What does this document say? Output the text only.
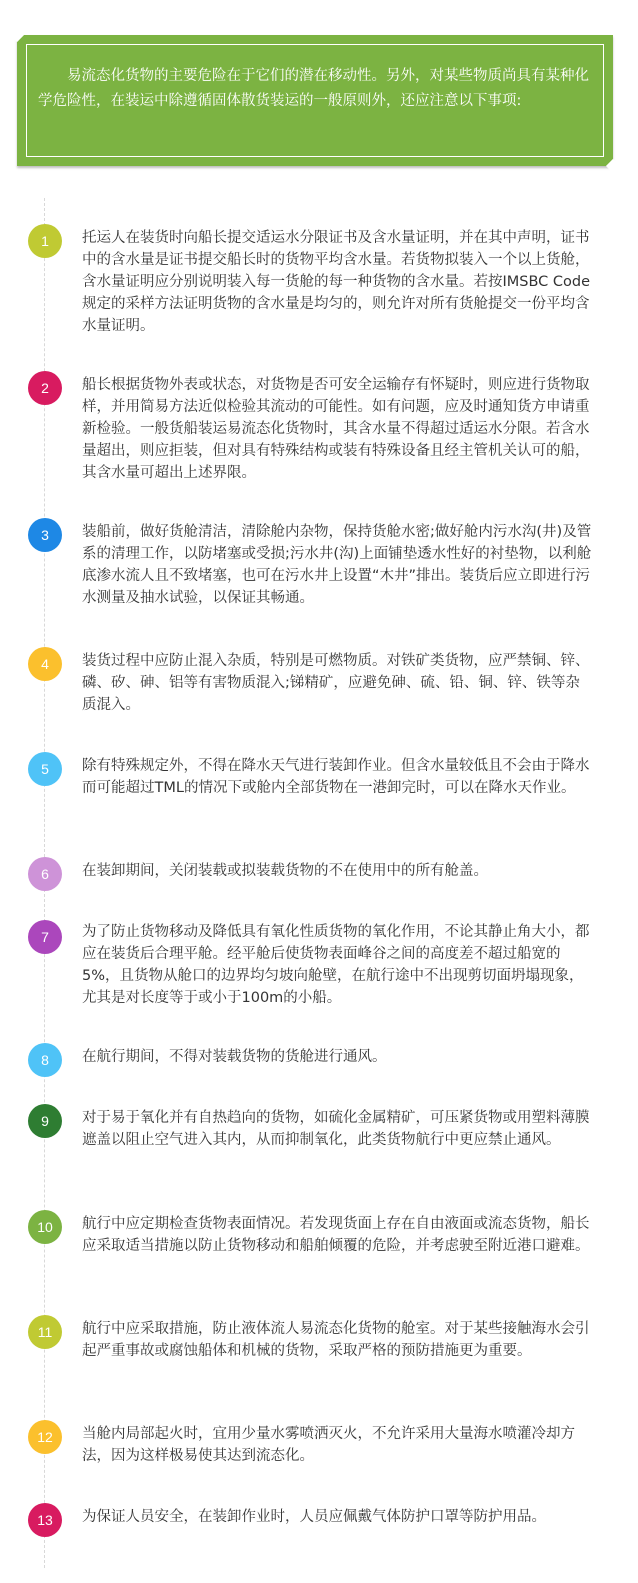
易流态化货物的主要危险在于它们的潜在移动性。另外，对某些物质尚具有某种化学危险性，在装运中除遵循固体散货装运的一般原则外，还应注意以下事项:

1	托运人在装货时向船长提交适运水分限证书及含水量证明，并在其中声明，证书中的含水量是证书提交船长时的货物平均含水量。若货物拟装入一个以上货舱，含水量证明应分别说明装入每一货舱的每一种货物的含水量。若按IMSBC Code规定的采样方法证明货物的含水量是均匀的，则允许对所有货舱提交一份平均含水量证明。

2	船长根据货物外表或状态，对货物是否可安全运输存有怀疑时，则应进行货物取样，并用简易方法近似检验其流动的可能性。如有问题，应及时通知货方申请重新检验。一般货船装运易流态化货物时，其含水量不得超过适运水分限。若含水量超出，则应拒装，但对具有特殊结构或装有特殊设备且经主管机关认可的船，其含水量可超出上述界限。

3	装船前，做好货舱清洁，清除舱内杂物，保持货舱水密;做好舱内污水沟(井)及管系的清理工作，以防堵塞或受损;污水井(沟)上面铺垫透水性好的衬垫物，以利舱底渗水流人且不致堵塞，也可在污水井上设置“木井”排出。装货后应立即进行污水测量及抽水试验，以保证其畅通。

4	装货过程中应防止混入杂质，特别是可燃物质。对铁矿类货物，应严禁铜、锌、磷、矽、砷、铝等有害物质混入;锑精矿，应避免砷、硫、铅、铜、锌、铁等杂质混入。

5	除有特殊规定外，不得在降水天气进行装卸作业。但含水量较低且不会由于降水而可能超过TML的情况下或舱内全部货物在一港卸完时，可以在降水天作业。

6	在装卸期间，关闭装载或拟装载货物的不在使用中的所有舱盖。

7	为了防止货物移动及降低具有氧化性质货物的氧化作用，不论其静止角大小，都应在装货后合理平舱。经平舱后使货物表面峰谷之间的高度差不超过船宽的5%，且货物从舱口的边界均匀坡向舱壁，在航行途中不出现剪切面坍塌现象，尤其是对长度等于或小于100m的小船。

8	在航行期间，不得对装载货物的货舱进行通风。

9	对于易于氧化并有自热趋向的货物，如硫化金属精矿，可压紧货物或用塑料薄膜遮盖以阻止空气进入其内，从而抑制氧化，此类货物航行中更应禁止通风。

10	航行中应定期检查货物表面情况。若发现货面上存在自由液面或流态货物，船长应采取适当措施以防止货物移动和船舶倾覆的危险，并考虑驶至附近港口避难。

11	航行中应采取措施，防止液体流人易流态化货物的舱室。对于某些接触海水会引起严重事故或腐蚀船体和机械的货物，采取严格的预防措施更为重要。

12	当舱内局部起火时，宜用少量水雾喷洒灭火，不允许采用大量海水喷灌冷却方法，因为这样极易使其达到流态化。

13	为保证人员安全，在装卸作业时，人员应佩戴气体防护口罩等防护用品。
